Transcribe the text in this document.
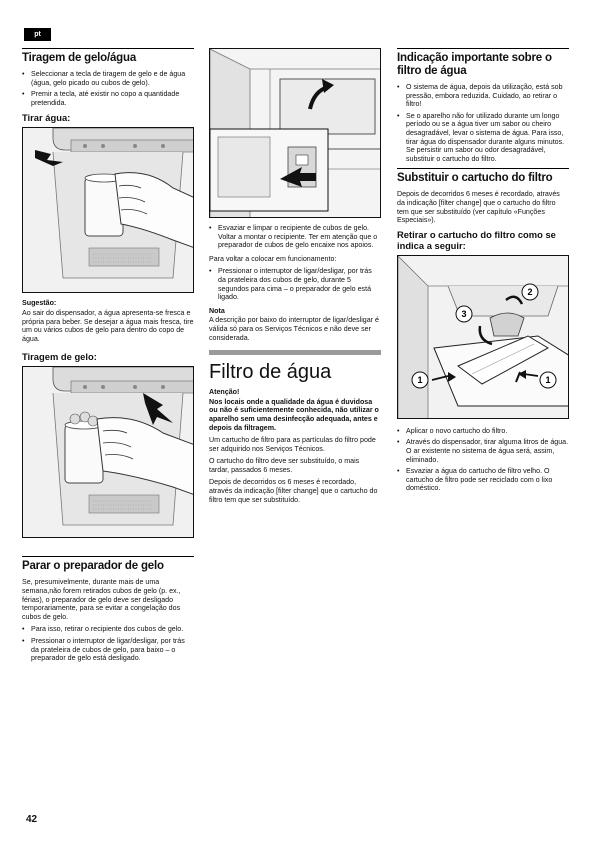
pt
Tiragem de gelo/água
• Seleccionar a tecla de tiragem de gelo e de água (água, gelo picado ou cubos de gelo).
• Premir a tecla, até existir no copo a quantidade pretendida.
Tirar água:

Sugestão:

Ao sair do dispensador, a água apresenta-se fresca e própria para beber. Se desejar a água mais fresca, tire um ou vários cubos de gelo para dentro do copo de água.

Tiragem de gelo:
Parar o preparador de gelo

Se, presumivelmente, durante mais de uma semana,não forem retirados cubos de gelo (p. ex., férias), o preparador de gelo deve ser desligado temporariamente, para se evitar a congelação dos cubos de gelo.

• Para isso, retirar o recipiente dos cubos de gelo.
• Pressionar o interruptor de ligar/desligar, por trás da prateleira de cubos de gelo, para baixo – o preparador de gelo está desligado.
• Esvaziar e limpar o recipiente de cubos de gelo. Voltar a montar o recipiente. Ter em atenção que o preparador de cubos de gelo encaixe nos apoios.

Para voltar a colocar em funcionamento:

• Pressionar o interruptor de ligar/desligar, por trás da prateleira dos cubos de gelo, durante 5 segundos para cima – o preparador de gelo está ligado.

Nota

A descrição por baixo do interruptor de ligar/desligar é válida só para os Serviços Técnicos e não deve ser considerada.

Filtro de água

Atenção!

Nos locais onde a qualidade da água é duvidosa ou não é suficientemente conhecida, não utilizar o aparelho sem uma desinfecção adequada, antes e depois da filtragem.

Um cartucho de filtro para as partículas do filtro pode ser adquirido nos Serviços Técnicos.

O cartucho do filtro deve ser substituído, o mais tardar, passados 6 meses.

Depois de decorridos os 6 meses é recordado, através da indicação [filter change] que o cartucho do filtro tem que ser substituído.

Indicação importante sobre o filtro de água
• O sistema de água, depois da utilização, está sob pressão, embora reduzida. Cuidado, ao retirar o filtro!
• Se o aparelho não for utilizado durante um longo período ou se a água tiver um sabor ou cheiro desagradável, levar o sistema de água. Para isso, tirar água do dispensador durante alguns minutos. Se persistir um sabor ou odor desagradável, substituir o cartucho do filtro.
Substituir o cartucho do filtro

Depois de decorridos 6 meses é recordado, através da indicação [filter change] que o cartucho do filtro tem que ser substituído (ver capítulo «Funções Especiais»).

Retirar o cartucho do filtro como se indica a seguir:
1
2
3
1
• Aplicar o novo cartucho do filtro.
• Através do dispensador, tirar alguma litros de água. O ar existente no sistema de água será, assim, eliminado.
• Esvaziar a água do cartucho de filtro velho. O cartucho de filtro pode ser reciclado com o lixo doméstico.
42
